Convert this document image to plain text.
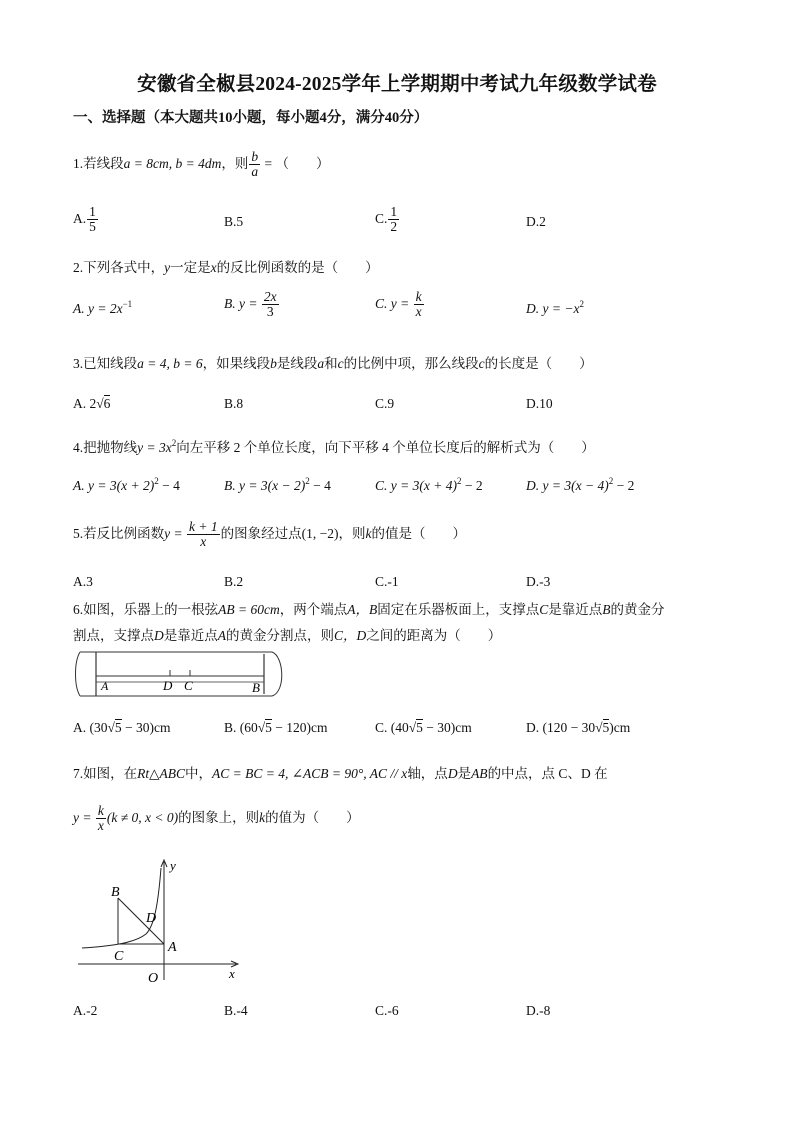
安徽省全椒县2024-2025学年上学期期中考试九年级数学试卷
一、选择题（本大题共10小题，每小题4分，满分40分）
1.若线段a = 8cm, b = 4dm，则 $\frac{b}{a}$ = （　　）
A. $\frac{1}{5}$	B.5	C. $\frac{1}{2}$	D.2
2.下列各式中，y一定是x的反比例函数的是（　　）
A. $y = 2x^{-1}$	B. $y = \frac{2x}{3}$	C. $y = \frac{k}{x}$	D. $y = -x^2$
3.已知线段a = 4, b = 6，如果线段b是线段a和c的比例中项，那么线段c的长度是（　　）
A. 2√6	B.8	C.9	D.10
4.把抛物线$y = 3x^2$向左平移 2 个单位长度，向下平移 4 个单位长度后的解析式为（　　）
A. $y = 3(x + 2)^2 - 4$	B. $y = 3(x - 2)^2 - 4$	C. $y = 3(x + 4)^2 - 2$	D. $y = 3(x - 4)^2 - 2$
5.若反比例函数$y = \frac{k + 1}{x}$ 的图象经过点(1, −2)，则k的值是（　　）
A.3	B.2	C.-1	D.-3
6.如图，乐器上的一根弦AB = 60cm，两个端点A，B固定在乐器板面上，支撑点C是靠近点B的黄金分
割点，支撑点D是靠近点A的黄金分割点，则C，D之间的距离为（　　）
A	D C	B
A. (30√5 − 30)cm	B. (60√5 − 120)cm	C. (40√5 − 30)cm	D. (120 − 30√5)cm
7.如图，在Rt△ABC中，AC = BC = 4, ∠ACB = 90°, AC // x轴，点D是AB的中点，点 C、D 在
$y = \frac{k}{x} (k \ne 0$, x < 0)的图象上，则k的值为（　　）
y
x
O
A
B
C
D
A.-2	B.-4	C.-6	D.-8
